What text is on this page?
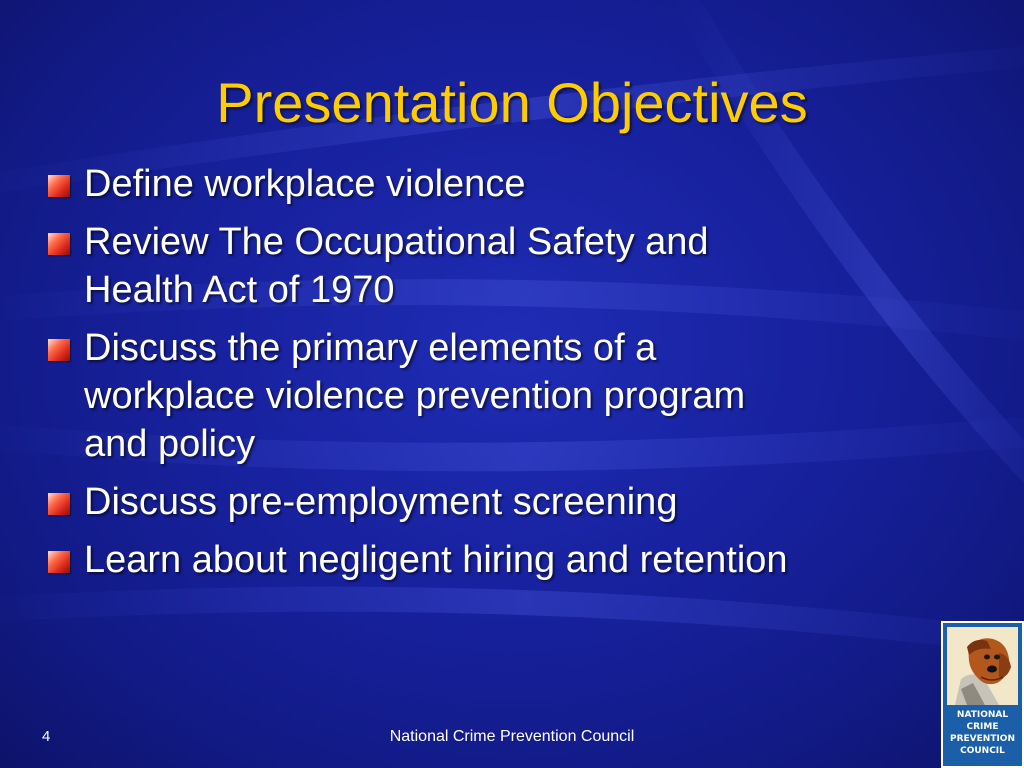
Presentation Objectives
Define workplace violence
Review The Occupational Safety and
Health Act of 1970
Discuss the primary elements of a
workplace violence prevention program
and policy
Discuss pre-employment screening
Learn about negligent hiring and retention
4	National Crime Prevention Council
NATIONAL
CRIME
PREVENTION
COUNCIL
